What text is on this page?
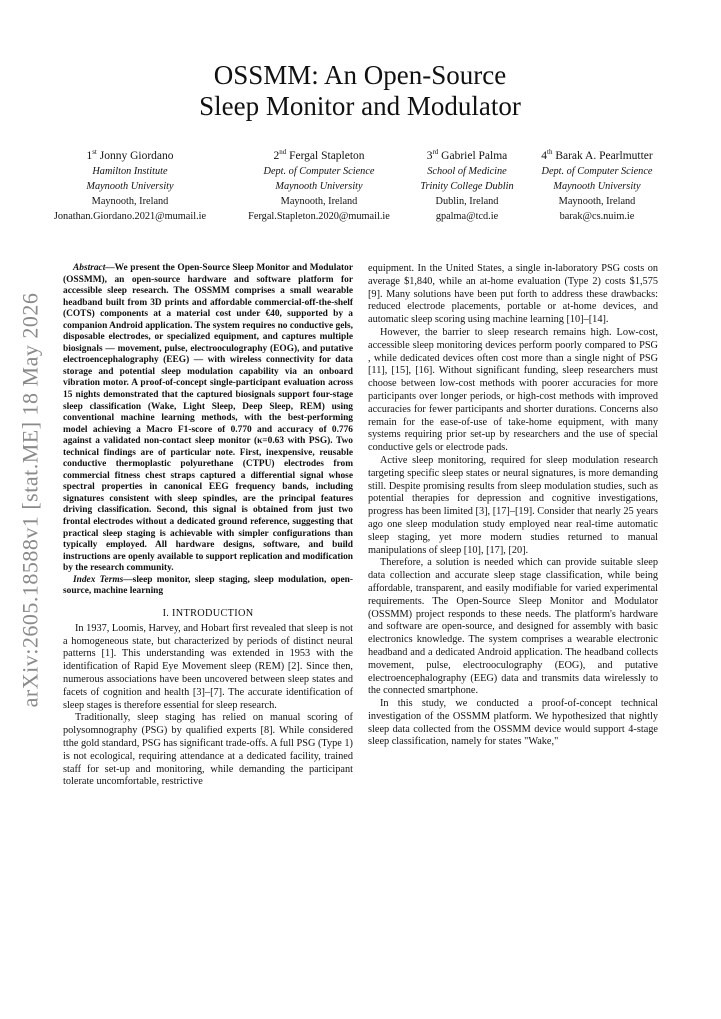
arXiv:2605.18588v1 [stat.ME] 18 May 2026
OSSMM: An Open-Source
Sleep Monitor and Modulator
1st Jonny Giordano
Hamilton Institute
Maynooth University
Maynooth, Ireland
Jonathan.Giordano.2021@mumail.ie
2nd Fergal Stapleton
Dept. of Computer Science
Maynooth University
Maynooth, Ireland
Fergal.Stapleton.2020@mumail.ie
3rd Gabriel Palma
School of Medicine
Trinity College Dublin
Dublin, Ireland
gpalma@tcd.ie
4th Barak A. Pearlmutter
Dept. of Computer Science
Maynooth University
Maynooth, Ireland
barak@cs.nuim.ie

Abstract—We present the Open-Source Sleep Monitor and Modulator (OSSMM), an open-source hardware and software platform for accessible sleep research. The OSSMM comprises a small wearable headband built from 3D prints and affordable commercial-off-the-shelf (COTS) components at a material cost under €40, supported by a companion Android application. The system requires no conductive gels, disposable electrodes, or specialized equipment, and captures multiple biosignals — movement, pulse, electrooculography (EOG), and putative electroencephalography (EEG) — with wireless connectivity for data storage and potential sleep modulation capability via an onboard vibration motor. A proof-of-concept single-participant evaluation across 15 nights demonstrated that the captured biosignals support four-stage sleep classification (Wake, Light Sleep, Deep Sleep, REM) using conventional machine learning methods, with the best-performing model achieving a Macro F1-score of 0.770 and accuracy of 0.776 against a validated non-contact sleep monitor (κ=0.63 with PSG). Two technical findings are of particular note. First, inexpensive, reusable conductive thermoplastic polyurethane (CTPU) electrodes from commercial fitness chest straps captured a differential signal whose spectral properties in canonical EEG frequency bands, including signatures consistent with sleep spindles, are the principal features driving classification. Second, this signal is obtained from just two frontal electrodes without a dedicated ground reference, suggesting that practical sleep staging is achievable with simpler configurations than typically employed. All hardware designs, software, and build instructions are openly available to support replication and modification by the research community.

Index Terms—sleep monitor, sleep staging, sleep modulation, open-source, machine learning

I. INTRODUCTION

In 1937, Loomis, Harvey, and Hobart first revealed that sleep is not a homogeneous state, but characterized by periods of distinct neural patterns [1]. This understanding was extended in 1953 with the identification of Rapid Eye Movement sleep (REM) [2]. Since then, numerous associations have been uncovered between sleep states and facets of cognition and health [3]–[7]. The accurate identification of sleep stages is therefore essential for sleep research.

Traditionally, sleep staging has relied on manual scoring of polysomnography (PSG) by qualified experts [8]. While considered tthe gold standard, PSG has significant trade-offs. A full PSG (Type 1) is not ecological, requiring attendance at a dedicated facility, trained staff for set-up and monitoring, while demanding the participant tolerate uncomfortable, restrictive

equipment. In the United States, a single in-laboratory PSG costs on average $1,840, while an at-home evaluation (Type 2) costs $1,575 [9]. Many solutions have been put forth to address these drawbacks: reduced electrode placements, portable or at-home devices, and automatic sleep scoring using machine learning [10]–[14].

However, the barrier to sleep research remains high. Low-cost, accessible sleep monitoring devices perform poorly compared to PSG , while dedicated devices often cost more than a single night of PSG [11], [15], [16]. Without significant funding, sleep researchers must choose between low-cost methods with poorer accuracies for more participants over longer periods, or high-cost methods with improved accuracies for fewer participants and shorter durations. Concerns also remain for the ease-of-use of take-home equipment, with many systems requiring prior set-up by researchers and the use of special conductive gels or electrode pads.

Active sleep monitoring, required for sleep modulation research targeting specific sleep states or neural signatures, is more demanding still. Despite promising results from sleep modulation studies, such as potential therapies for depression and cognitive investigations, progress has been limited [3], [17]–[19]. Consider that nearly 25 years ago one sleep modulation study employed near real-time automatic sleep staging, yet more modern studies returned to manual manipulations of sleep [10], [17], [20].

Therefore, a solution is needed which can provide suitable sleep data collection and accurate sleep stage classification, while being affordable, transparent, and easily modifiable for varied experimental requirements. The Open-Source Sleep Monitor and Modulator (OSSMM) project responds to these needs. The platform's hardware and software are open-source, and designed for assembly with basic electronics knowledge. The system comprises a wearable electronic headband and a dedicated Android application. The headband collects movement, pulse, electrooculography (EOG), and putative electroencephalography (EEG) data and transmits data wirelessly to the connected smartphone.

In this study, we conducted a proof-of-concept technical investigation of the OSSMM platform. We hypothesized that nightly sleep data collected from the OSSMM device would support 4-stage sleep classification, namely for states "Wake,"
